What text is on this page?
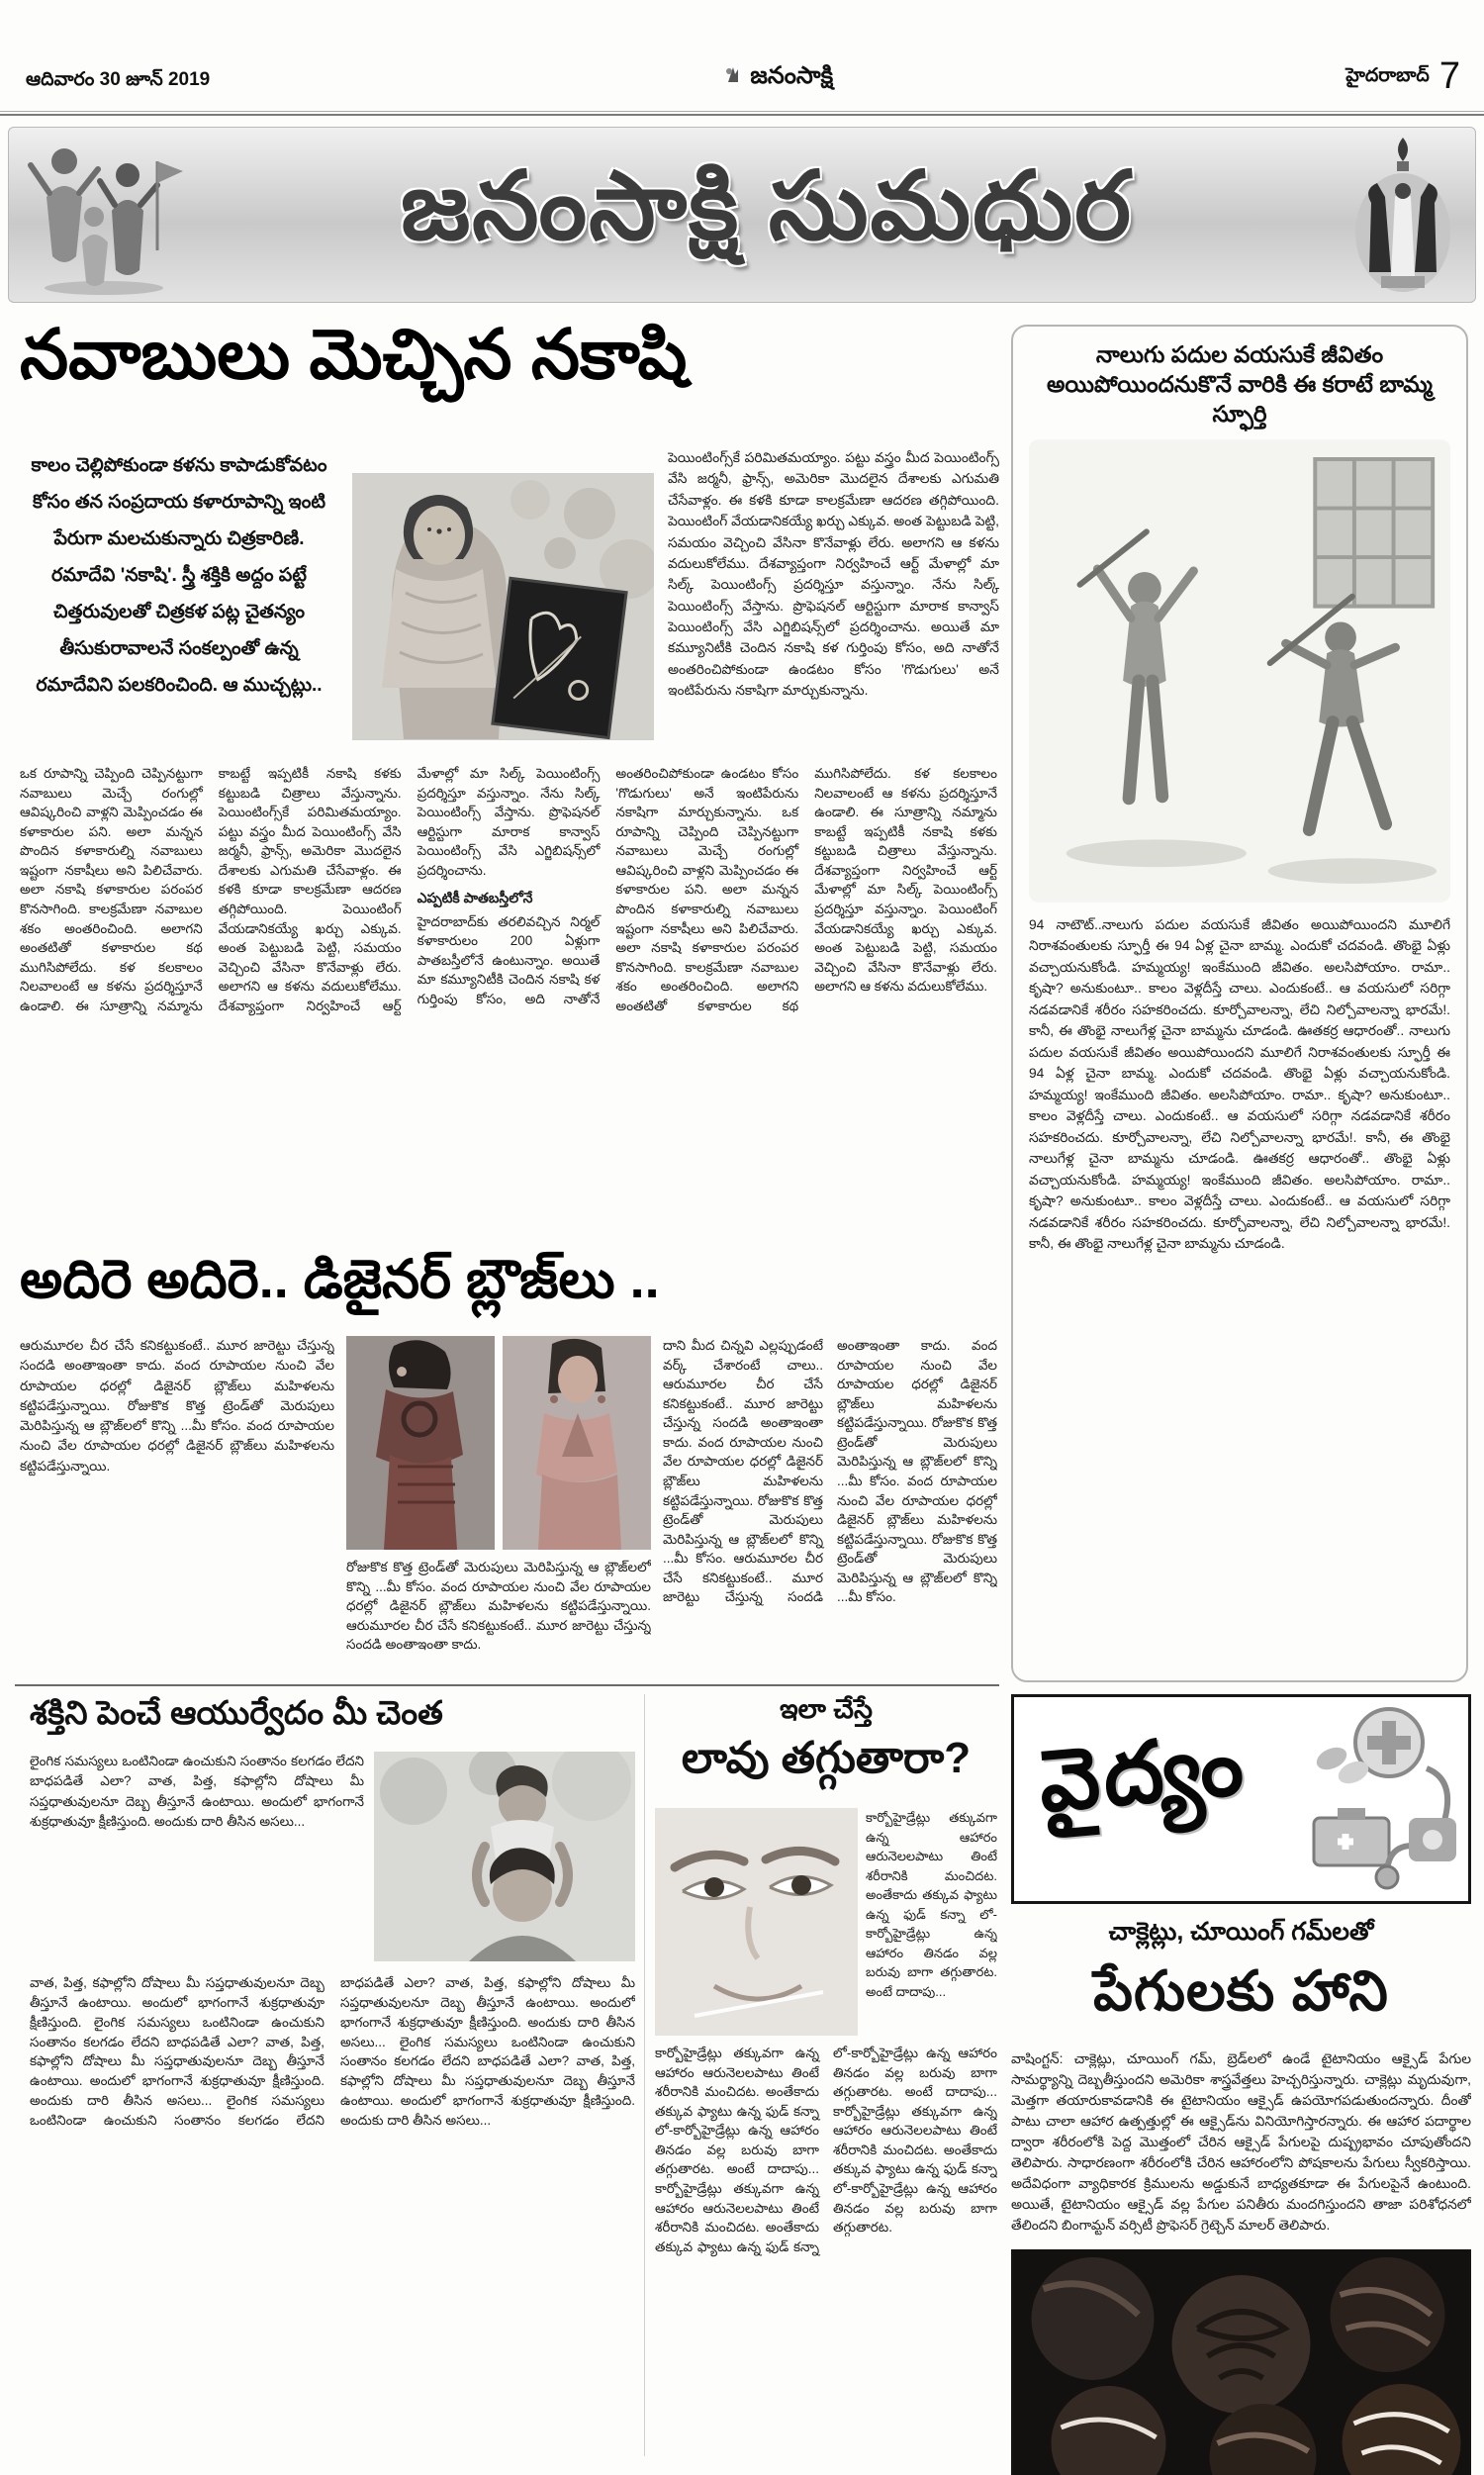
ఆదివారం 30 జూన్ 2019	జనంసాక్షి	హైదరాబాద్ 7
జనంసాక్షి సుమధుర
నవాబులు మెచ్చిన నకాషి
కాలం చెల్లిపోకుండా కళను కాపాడుకోవటం కోసం తన సంప్రదాయ కళారూపాన్ని ఇంటి పేరుగా మలచుకున్నారు చిత్రకారిణి. రమాదేవి 'నకాషి'. స్త్రీ శక్తికి అద్దం పట్టే చిత్తరువులతో చిత్రకళ పట్ల చైతన్యం తీసుకురావాలనే సంకల్పంతో ఉన్న రమాదేవిని పలకరించింది. ఆ ముచ్చట్లు..
పెయింటింగ్స్‌కే పరిమితమయ్యాం. పట్టు వస్త్రం మీద పెయింటింగ్స్ వేసి జర్మనీ, ఫ్రాన్స్, అమెరికా మొదలైన దేశాలకు ఎగుమతి చేసేవాళ్లం. ఈ కళకి కూడా కాలక్రమేణా ఆదరణ తగ్గిపోయింది. పెయింటింగ్ వేయడానికయ్యే ఖర్చు ఎక్కువ. అంత పెట్టుబడి పెట్టి, సమయం వెచ్చించి వేసినా కొనేవాళ్లు లేరు. అలాగని ఆ కళను వదులుకోలేము. దేశవ్యాప్తంగా నిర్వహించే ఆర్ట్ మేళాల్లో మా సిల్క్ పెయింటింగ్స్ ప్రదర్శిస్తూ వస్తున్నాం. నేను సిల్క్ పెయింటింగ్స్ వేస్తాను. ప్రొఫెషనల్ ఆర్టిస్టుగా మారాక కాన్వాస్ పెయింటింగ్స్ వేసి ఎగ్జిబిషన్స్‌లో ప్రదర్శించాను. అయితే మా కమ్యూనిటీకి చెందిన నకాషి కళ గుర్తింపు కోసం, అది నాతోనే అంతరించిపోకుండా ఉండటం కోసం 'గొడుగులు' అనే ఇంటిపేరును నకాషిగా మార్చుకున్నాను.

ఒక రూపాన్ని చెప్పింది చెప్పినట్టుగా నవాబులు మెచ్చే రంగుల్లో ఆవిష్కరించి వాళ్లని మెప్పించడం ఈ కళాకారుల పని. అలా మన్నన పొందిన కళాకారుల్ని నవాబులు ఇష్టంగా నకాషీలు అని పిలిచేవారు. అలా నకాషి కళాకారుల పరంపర కొనసాగింది. కాలక్రమేణా నవాబుల శకం అంతరించింది. అలాగని అంతటితో కళాకారుల కథ ముగిసిపోలేదు. కళ కలకాలం నిలవాలంటే ఆ కళను ప్రదర్శిస్తూనే ఉండాలి. ఈ సూత్రాన్ని నమ్మాను కాబట్టే ఇప్పటికీ నకాషి కళకు కట్టుబడి చిత్రాలు వేస్తున్నాను. పెయింటింగ్స్‌కే పరిమితమయ్యాం. పట్టు వస్త్రం మీద పెయింటింగ్స్ వేసి జర్మనీ, ఫ్రాన్స్, అమెరికా మొదలైన దేశాలకు ఎగుమతి చేసేవాళ్లం. ఈ కళకి కూడా కాలక్రమేణా ఆదరణ తగ్గిపోయింది. పెయింటింగ్ వేయడానికయ్యే ఖర్చు ఎక్కువ. అంత పెట్టుబడి పెట్టి, సమయం వెచ్చించి వేసినా కొనేవాళ్లు లేరు. అలాగని ఆ కళను వదులుకోలేము. దేశవ్యాప్తంగా నిర్వహించే ఆర్ట్ మేళాల్లో మా సిల్క్ పెయింటింగ్స్ ప్రదర్శిస్తూ వస్తున్నాం. నేను సిల్క్ పెయింటింగ్స్ వేస్తాను. ప్రొఫెషనల్ ఆర్టిస్టుగా మారాక కాన్వాస్ పెయింటింగ్స్ వేసి ఎగ్జిబిషన్స్‌లో ప్రదర్శించాను.

ఎప్పటికీ పాతబస్తీలోనే

హైదరాబాద్‌కు తరలివచ్చిన నిర్మల్ కళాకారులం 200 ఏళ్లుగా పాతబస్తీలోనే ఉంటున్నాం. అయితే మా కమ్యూనిటీకి చెందిన నకాషి కళ గుర్తింపు కోసం, అది నాతోనే అంతరించిపోకుండా ఉండటం కోసం 'గొడుగులు' అనే ఇంటిపేరును నకాషిగా మార్చుకున్నాను. ఒక రూపాన్ని చెప్పింది చెప్పినట్టుగా నవాబులు మెచ్చే రంగుల్లో ఆవిష్కరించి వాళ్లని మెప్పించడం ఈ కళాకారుల పని. అలా మన్నన పొందిన కళాకారుల్ని నవాబులు ఇష్టంగా నకాషీలు అని పిలిచేవారు. అలా నకాషి కళాకారుల పరంపర కొనసాగింది. కాలక్రమేణా నవాబుల శకం అంతరించింది. అలాగని అంతటితో కళాకారుల కథ ముగిసిపోలేదు. కళ కలకాలం నిలవాలంటే ఆ కళను ప్రదర్శిస్తూనే ఉండాలి. ఈ సూత్రాన్ని నమ్మాను కాబట్టే ఇప్పటికీ నకాషి కళకు కట్టుబడి చిత్రాలు వేస్తున్నాను. దేశవ్యాప్తంగా నిర్వహించే ఆర్ట్ మేళాల్లో మా సిల్క్ పెయింటింగ్స్ ప్రదర్శిస్తూ వస్తున్నాం. పెయింటింగ్ వేయడానికయ్యే ఖర్చు ఎక్కువ. అంత పెట్టుబడి పెట్టి, సమయం వెచ్చించి వేసినా కొనేవాళ్లు లేరు. అలాగని ఆ కళను వదులుకోలేము.

నాలుగు పదుల వయసుకే జీవితం
అయిపోయిందనుకొనే వారికి ఈ కరాటే బామ్మ స్ఫూర్తి
94 నాటౌట్..నాలుగు పదుల వయసుకే జీవితం అయిపోయిందని మూలిగే నిరాశవంతులకు స్ఫూర్తీ ఈ 94 ఏళ్ల చైనా బామ్మ. ఎందుకో చదవండి. తొంభై ఏళ్లు వచ్చాయనుకోండి. హమ్మయ్య! ఇంకేముంది జీవితం. అలసిపోయాం. రామా.. కృషా? అనుకుంటూ.. కాలం వెళ్లదీస్తే చాలు. ఎందుకంటే.. ఆ వయసులో సరిగ్గా నడవడానికే శరీరం సహకరించదు. కూర్చోవాలన్నా, లేచి నిల్చోవాలన్నా భారమే!. కానీ, ఈ తొంభై నాలుగేళ్ల చైనా బామ్మను చూడండి. ఊతకర్ర ఆధారంతో.. నాలుగు పదుల వయసుకే జీవితం అయిపోయిందని మూలిగే నిరాశవంతులకు స్ఫూర్తీ ఈ 94 ఏళ్ల చైనా బామ్మ. ఎందుకో చదవండి. తొంభై ఏళ్లు వచ్చాయనుకోండి. హమ్మయ్య! ఇంకేముంది జీవితం. అలసిపోయాం. రామా.. కృషా? అనుకుంటూ.. కాలం వెళ్లదీస్తే చాలు. ఎందుకంటే.. ఆ వయసులో సరిగ్గా నడవడానికే శరీరం సహకరించదు. కూర్చోవాలన్నా, లేచి నిల్చోవాలన్నా భారమే!. కానీ, ఈ తొంభై నాలుగేళ్ల చైనా బామ్మను చూడండి. ఊతకర్ర ఆధారంతో.. తొంభై ఏళ్లు వచ్చాయనుకోండి. హమ్మయ్య! ఇంకేముంది జీవితం. అలసిపోయాం. రామా.. కృషా? అనుకుంటూ.. కాలం వెళ్లదీస్తే చాలు. ఎందుకంటే.. ఆ వయసులో సరిగ్గా నడవడానికే శరీరం సహకరించదు. కూర్చోవాలన్నా, లేచి నిల్చోవాలన్నా భారమే!. కానీ, ఈ తొంభై నాలుగేళ్ల చైనా బామ్మను చూడండి.
అదిరె అదిరె.. డిజైనర్ బ్లౌజ్‌లు ..
ఆరుమూరల చీర చేసే కనికట్టుకంటే.. మూర జారెట్టు చేస్తున్న సందడి అంతాఇంతా కాదు. వంద రూపాయల నుంచి వేల రూపాయల ధరల్లో డిజైనర్ బ్లౌజ్‌లు మహిళలను కట్టిపడేస్తున్నాయి. రోజుకొక కొత్త ట్రెండ్‌తో మెరుపులు మెరిపిస్తున్న ఆ బ్లౌజ్‌లలో కొన్ని ...మీ కోసం. వంద రూపాయల నుంచి వేల రూపాయల ధరల్లో డిజైనర్ బ్లౌజ్‌లు మహిళలను కట్టిపడేస్తున్నాయి.
రోజుకొక కొత్త ట్రెండ్‌తో మెరుపులు మెరిపిస్తున్న ఆ బ్లౌజ్‌లలో కొన్ని ...మీ కోసం. వంద రూపాయల నుంచి వేల రూపాయల ధరల్లో డిజైనర్ బ్లౌజ్‌లు మహిళలను కట్టిపడేస్తున్నాయి. ఆరుమూరల చీర చేసే కనికట్టుకంటే.. మూర జారెట్టు చేస్తున్న సందడి అంతాఇంతా కాదు.
దాని మీద చిన్నవి ఎల్లప్పుడంటే వర్క్ చేశారంటే చాలు.. ఆరుమూరల చీర చేసే కనికట్టుకంటే.. మూర జారెట్టు చేస్తున్న సందడి అంతాఇంతా కాదు. వంద రూపాయల నుంచి వేల రూపాయల ధరల్లో డిజైనర్ బ్లౌజ్‌లు మహిళలను కట్టిపడేస్తున్నాయి. రోజుకొక కొత్త ట్రెండ్‌తో మెరుపులు మెరిపిస్తున్న ఆ బ్లౌజ్‌లలో కొన్ని ...మీ కోసం. ఆరుమూరల చీర చేసే కనికట్టుకంటే.. మూర జారెట్టు చేస్తున్న సందడి అంతాఇంతా కాదు. వంద రూపాయల నుంచి వేల రూపాయల ధరల్లో డిజైనర్ బ్లౌజ్‌లు మహిళలను కట్టిపడేస్తున్నాయి. రోజుకొక కొత్త ట్రెండ్‌తో మెరుపులు మెరిపిస్తున్న ఆ బ్లౌజ్‌లలో కొన్ని ...మీ కోసం. వంద రూపాయల నుంచి వేల రూపాయల ధరల్లో డిజైనర్ బ్లౌజ్‌లు మహిళలను కట్టిపడేస్తున్నాయి. రోజుకొక కొత్త ట్రెండ్‌తో మెరుపులు మెరిపిస్తున్న ఆ బ్లౌజ్‌లలో కొన్ని ...మీ కోసం.
శక్తిని పెంచే ఆయుర్వేదం మీ చెంత
లైంగిక సమస్యలు ఒంటినిండా ఉంచుకుని సంతానం కలగడం లేదని బాధపడితే ఎలా? వాత, పిత్త, కఫాల్లోని దోషాలు మీ సప్తధాతువులనూ దెబ్బ తీస్తూనే ఉంటాయి. అందులో భాగంగానే శుక్రధాతువూ క్షీణిస్తుంది. అందుకు దారి తీసిన అసలు...
వాత, పిత్త, కఫాల్లోని దోషాలు మీ సప్తధాతువులనూ దెబ్బ తీస్తూనే ఉంటాయి. అందులో భాగంగానే శుక్రధాతువూ క్షీణిస్తుంది. లైంగిక సమస్యలు ఒంటినిండా ఉంచుకుని సంతానం కలగడం లేదని బాధపడితే ఎలా? వాత, పిత్త, కఫాల్లోని దోషాలు మీ సప్తధాతువులనూ దెబ్బ తీస్తూనే ఉంటాయి. అందులో భాగంగానే శుక్రధాతువూ క్షీణిస్తుంది. అందుకు దారి తీసిన అసలు... లైంగిక సమస్యలు ఒంటినిండా ఉంచుకుని సంతానం కలగడం లేదని బాధపడితే ఎలా? వాత, పిత్త, కఫాల్లోని దోషాలు మీ సప్తధాతువులనూ దెబ్బ తీస్తూనే ఉంటాయి. అందులో భాగంగానే శుక్రధాతువూ క్షీణిస్తుంది. అందుకు దారి తీసిన అసలు... లైంగిక సమస్యలు ఒంటినిండా ఉంచుకుని సంతానం కలగడం లేదని బాధపడితే ఎలా? వాత, పిత్త, కఫాల్లోని దోషాలు మీ సప్తధాతువులనూ దెబ్బ తీస్తూనే ఉంటాయి. అందులో భాగంగానే శుక్రధాతువూ క్షీణిస్తుంది. అందుకు దారి తీసిన అసలు...
ఇలా చేస్తే
లావు తగ్గుతారా?
కార్బోహైడ్రేట్లు తక్కువగా ఉన్న ఆహారం ఆరునెలలపాటు తింటే శరీరానికి మంచిదట. అంతేకాదు తక్కువ ఫ్యాటు ఉన్న ఫుడ్ కన్నా లో-కార్బోహైడ్రేట్లు ఉన్న ఆహారం తినడం వల్ల బరువు బాగా తగ్గుతారట. అంటే దాదాపు...
కార్బోహైడ్రేట్లు తక్కువగా ఉన్న ఆహారం ఆరునెలలపాటు తింటే శరీరానికి మంచిదట. అంతేకాదు తక్కువ ఫ్యాటు ఉన్న ఫుడ్ కన్నా లో-కార్బోహైడ్రేట్లు ఉన్న ఆహారం తినడం వల్ల బరువు బాగా తగ్గుతారట. అంటే దాదాపు... కార్బోహైడ్రేట్లు తక్కువగా ఉన్న ఆహారం ఆరునెలలపాటు తింటే శరీరానికి మంచిదట. అంతేకాదు తక్కువ ఫ్యాటు ఉన్న ఫుడ్ కన్నా లో-కార్బోహైడ్రేట్లు ఉన్న ఆహారం తినడం వల్ల బరువు బాగా తగ్గుతారట. అంటే దాదాపు... కార్బోహైడ్రేట్లు తక్కువగా ఉన్న ఆహారం ఆరునెలలపాటు తింటే శరీరానికి మంచిదట. అంతేకాదు తక్కువ ఫ్యాటు ఉన్న ఫుడ్ కన్నా లో-కార్బోహైడ్రేట్లు ఉన్న ఆహారం తినడం వల్ల బరువు బాగా తగ్గుతారట.
వైద్యం
చాక్లెట్లు, చూయింగ్ గమ్‌లతో
పేగులకు హాని
వాషింగ్టన్: చాక్లెట్లు, చూయింగ్ గమ్, బ్రెడ్‌లలో ఉండే టైటానియం ఆక్సైడ్ పేగుల సామర్థ్యాన్ని దెబ్బతీస్తుందని అమెరికా శాస్త్రవేత్తలు హెచ్చరిస్తున్నారు. చాక్లెట్లు మృదువుగా, మెత్తగా తయారుకావడానికి ఈ టైటానియం ఆక్సైడ్ ఉపయోగపడుతుందన్నారు. దీంతో పాటు చాలా ఆహార ఉత్పత్తుల్లో ఈ ఆక్సైడ్‌ను వినియోగిస్తారన్నారు. ఈ ఆహార పదార్థాల ద్వారా శరీరంలోకి పెద్ద మొత్తంలో చేరిన ఆక్సైడ్ పేగులపై దుష్ప్రభావం చూపుతోందని తెలిపారు. సాధారణంగా శరీరంలోకి చేరిన ఆహారంలోని పోషకాలను పేగులు స్వీకరిస్తాయి. అదేవిధంగా వ్యాధికారక క్రిములను అడ్డుకునే బాధ్యతకూడా ఈ పేగులపైనే ఉంటుంది. అయితే, టైటానియం ఆక్సైడ్ వల్ల పేగుల పనితీరు మందగిస్తుందని తాజా పరిశోధనలో తేలిందని బింగామ్టన్ వర్సిటీ ప్రొఫెసర్ గ్రెట్చెన్ మాలర్ తెలిపారు.
